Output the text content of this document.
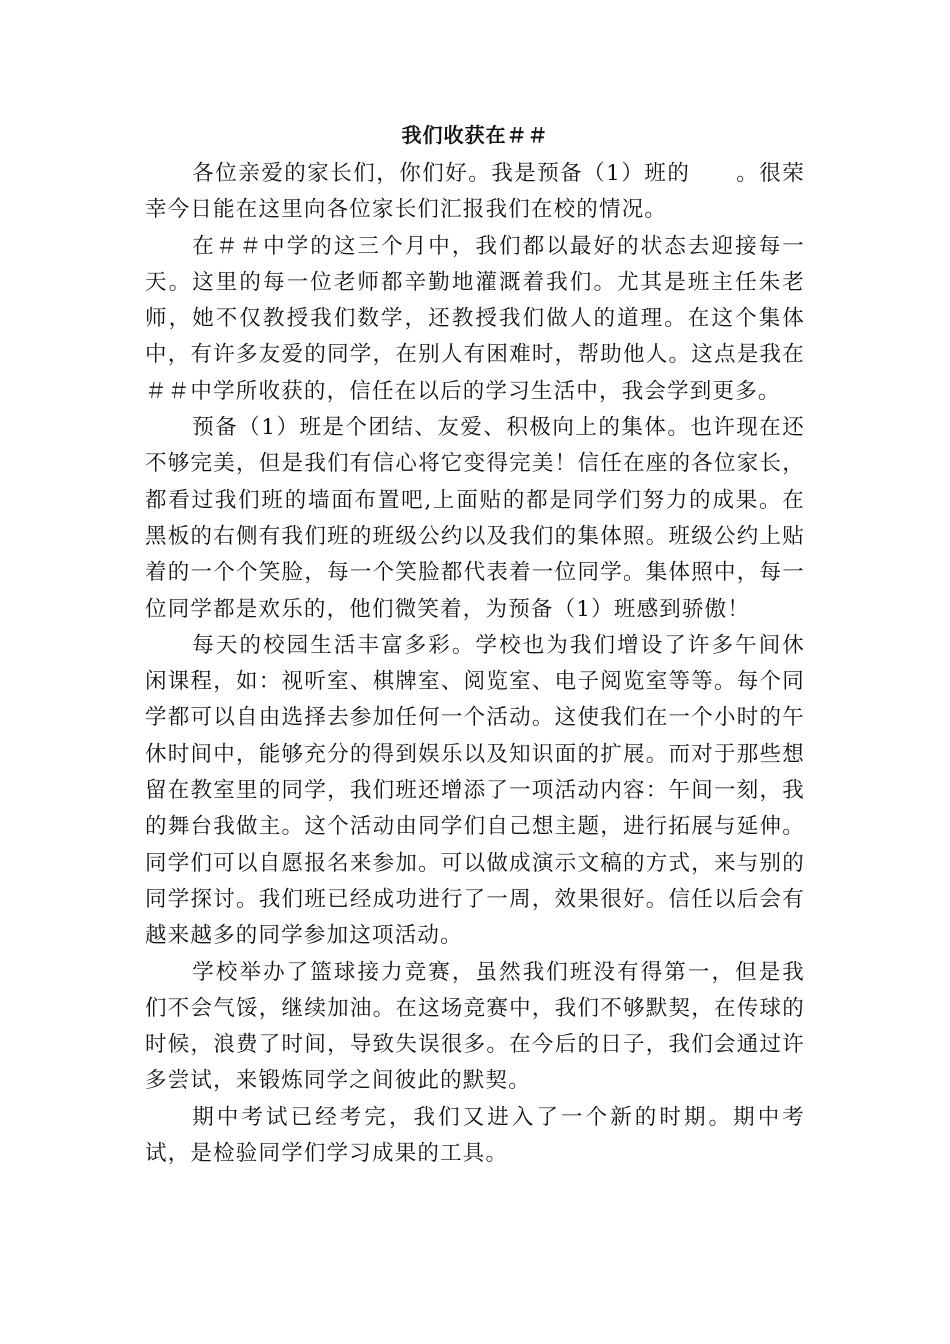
我们收获在＃＃

各位亲爱的家长们，你们好。我是预备（1）班的　　。很荣幸今日能在这里向各位家长们汇报我们在校的情况。

在＃＃中学的这三个月中，我们都以最好的状态去迎接每一天。这里的每一位老师都辛勤地灌溉着我们。尤其是班主任朱老师，她不仅教授我们数学，还教授我们做人的道理。在这个集体中，有许多友爱的同学，在别人有困难时，帮助他人。这点是我在＃＃中学所收获的，信任在以后的学习生活中，我会学到更多。

预备（1）班是个团结、友爱、积极向上的集体。也许现在还不够完美，但是我们有信心将它变得完美！信任在座的各位家长，都看过我们班的墙面布置吧,上面贴的都是同学们努力的成果。在黑板的右侧有我们班的班级公约以及我们的集体照。班级公约上贴着的一个个笑脸，每一个笑脸都代表着一位同学。集体照中，每一位同学都是欢乐的，他们微笑着，为预备（1）班感到骄傲！

每天的校园生活丰富多彩。学校也为我们增设了许多午间休闲课程，如：视听室、棋牌室、阅览室、电子阅览室等等。每个同学都可以自由选择去参加任何一个活动。这使我们在一个小时的午休时间中，能够充分的得到娱乐以及知识面的扩展。而对于那些想留在教室里的同学，我们班还增添了一项活动内容：午间一刻，我的舞台我做主。这个活动由同学们自己想主题，进行拓展与延伸。同学们可以自愿报名来参加。可以做成演示文稿的方式，来与别的同学探讨。我们班已经成功进行了一周，效果很好。信任以后会有越来越多的同学参加这项活动。

学校举办了篮球接力竞赛，虽然我们班没有得第一，但是我们不会气馁，继续加油。在这场竞赛中，我们不够默契，在传球的时候，浪费了时间，导致失误很多。在今后的日子，我们会通过许多尝试，来锻炼同学之间彼此的默契。

期中考试已经考完，我们又进入了一个新的时期。期中考试，是检验同学们学习成果的工具。
